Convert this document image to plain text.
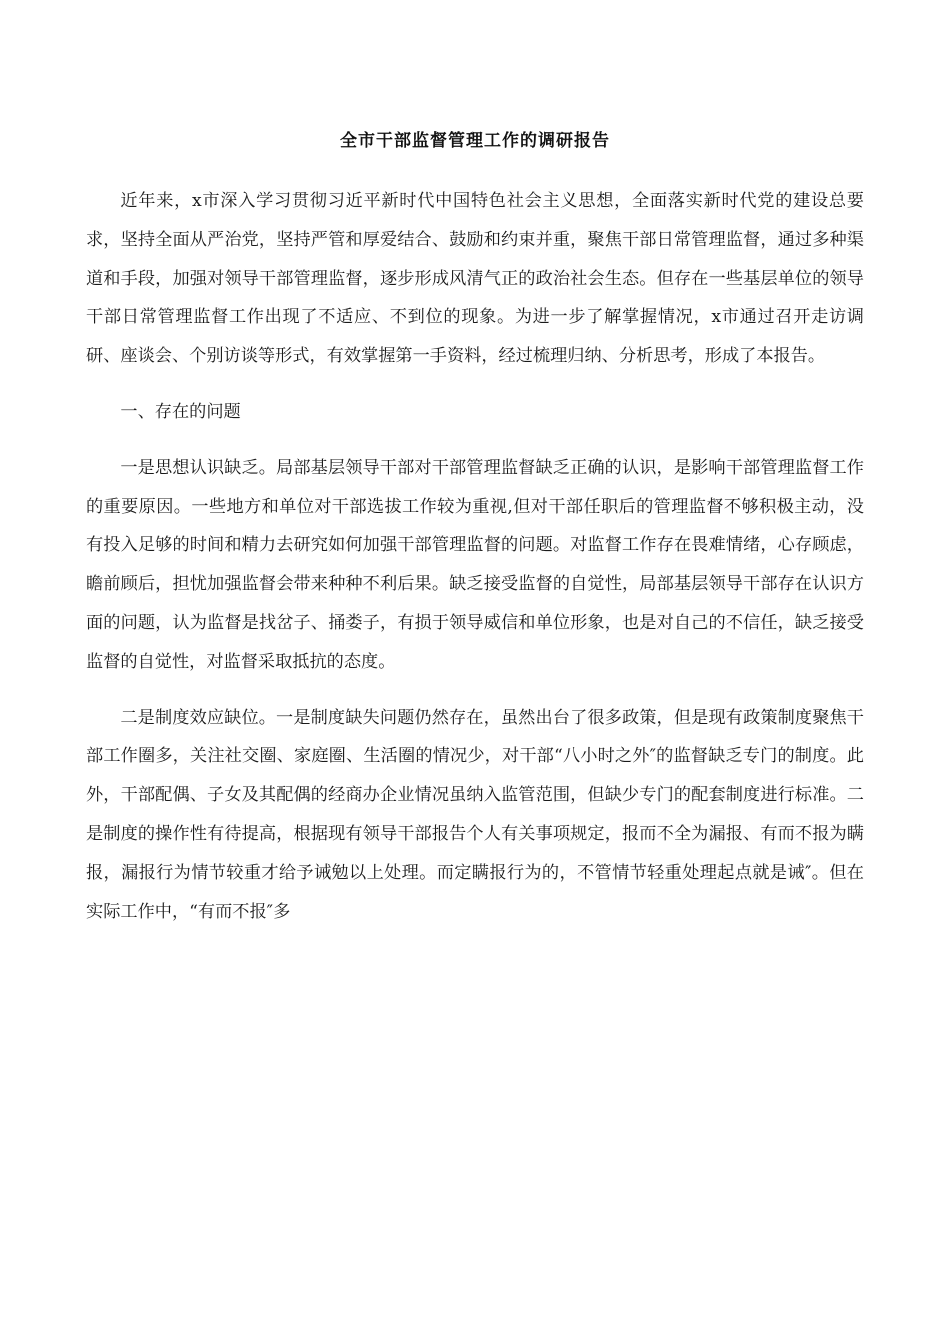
全市干部监督管理工作的调研报告

近年来，x市深入学习贯彻习近平新时代中国特色社会主义思想，全面落实新时代党的建设总要求，坚持全面从严治党，坚持严管和厚爱结合、鼓励和约束并重，聚焦干部日常管理监督，通过多种渠道和手段，加强对领导干部管理监督，逐步形成风清气正的政治社会生态。但存在一些基层单位的领导干部日常管理监督工作出现了不适应、不到位的现象。为进一步了解掌握情况，x市通过召开走访调研、座谈会、个别访谈等形式，有效掌握第一手资料，经过梳理归纳、分析思考，形成了本报告。

一、存在的问题

一是思想认识缺乏。局部基层领导干部对干部管理监督缺乏正确的认识，是影响干部管理监督工作的重要原因。一些地方和单位对干部选拔工作较为重视,但对干部任职后的管理监督不够积极主动，没有投入足够的时间和精力去研究如何加强干部管理监督的问题。对监督工作存在畏难情绪，心存顾虑，瞻前顾后，担忧加强监督会带来种种不利后果。缺乏接受监督的自觉性，局部基层领导干部存在认识方面的问题，认为监督是找岔子、捅娄子，有损于领导威信和单位形象，也是对自己的不信任，缺乏接受监督的自觉性，对监督采取抵抗的态度。

二是制度效应缺位。一是制度缺失问题仍然存在，虽然出台了很多政策，但是现有政策制度聚焦干部工作圈多，关注社交圈、家庭圈、生活圈的情况少，对干部“八小时之外″的监督缺乏专门的制度。此外，干部配偶、子女及其配偶的经商办企业情况虽纳入监管范围，但缺少专门的配套制度进行标准。二是制度的操作性有待提高，根据现有领导干部报告个人有关事项规定，报而不全为漏报、有而不报为瞒报，漏报行为情节较重才给予诫勉以上处理。而定瞒报行为的，不管情节轻重处理起点就是诫″。但在实际工作中，“有而不报″多
